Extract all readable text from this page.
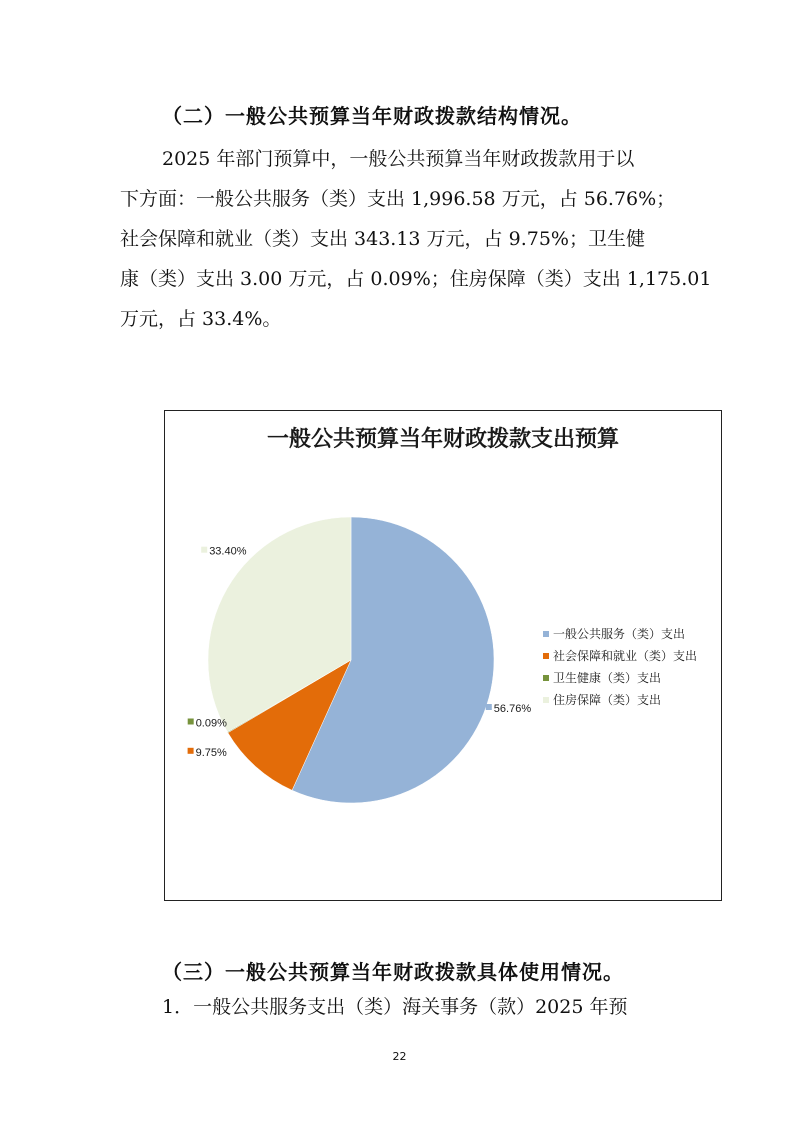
（二）一般公共预算当年财政拨款结构情况。

2025 年部门预算中，一般公共预算当年财政拨款用于以
下方面：一般公共服务（类）支出 1,996.58 万元，占 56.76%；
社会保障和就业（类）支出 343.13 万元，占 9.75%；卫生健
康（类）支出 3.00 万元，占 0.09%；住房保障（类）支出 1,175.01
万元，占 33.4%。

一般公共预算当年财政拨款支出预算
56.76%
9.75%
0.09%
33.40%
一般公共服务（类）支出
社会保障和就业（类）支出
卫生健康（类）支出
住房保障（类）支出
（三）一般公共预算当年财政拨款具体使用情况。

1．一般公共服务支出（类）海关事务（款）2025 年预

22
